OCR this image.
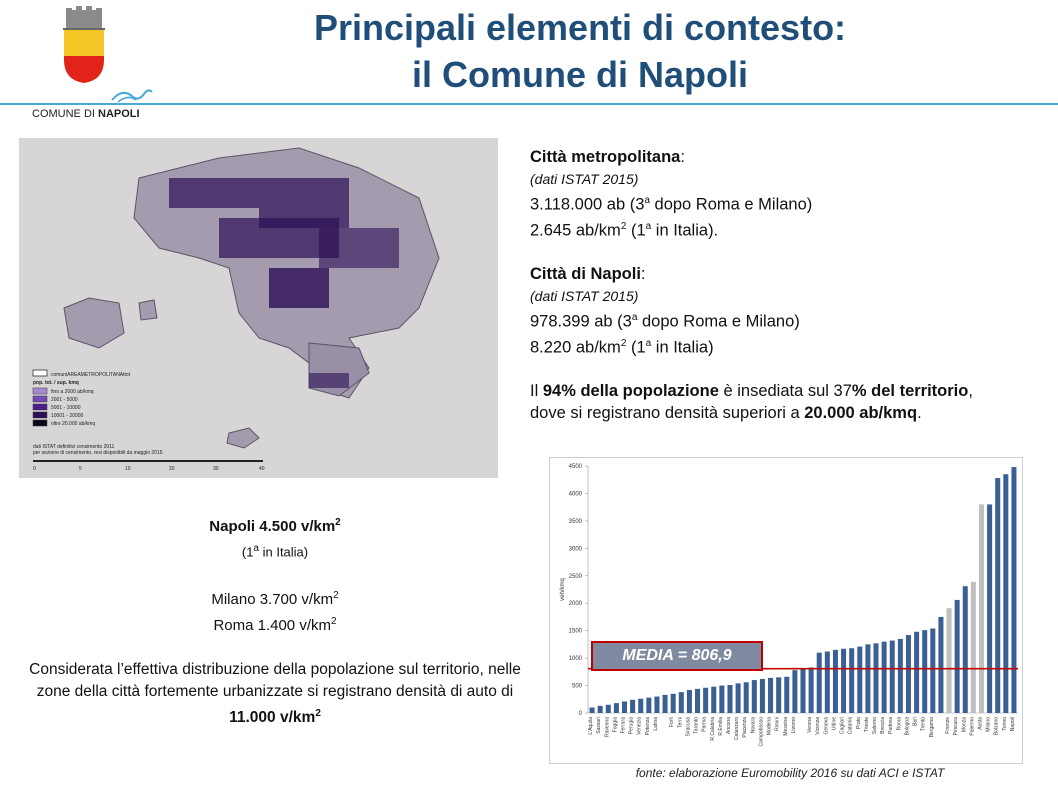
COMUNE DI NAPOLI
Principali elementi di contesto:
il Comune di Napoli
comuniAREAMETROPOLITANAttot
pop. tot. / sup. kmq
fino a 2000 ab/kmq
2001 - 5000
5001 - 10000
10001 - 20000
oltre 20.000 ab/kmq
dati ISTAT definitivi censimento 2011
per sezione di censimento, resi disponibili da maggio 2015
0	5	10	20	30	40
Città metropolitana:
(dati ISTAT 2015)
3.118.000 ab (3$^a$ dopo Roma e Milano)
2.645 $ab/km^2$ (1$^a$ in Italia).
Città di Napoli:
(dati ISTAT 2015)
978.399 ab (3$^a$ dopo Roma e Milano)
8.220 $ab/km^2$ (1$^a$ in Italia)
Il 94% della popolazione è insediata sul 37% del territorio,
dove si registrano densità superiori a 20.000 ab/kmq.
Napoli 4.500 $v/km^2$
(1$^a$ in Italia)
Milano 3.700 $v/km^2$
Roma 1.400 $v/km^2$
Considerata l’effettiva distribuzione della popolazione sul territorio, nelle zone della città fortemente urbanizzate si registrano densità di auto di 11.000 $v/km^2$	0
500
1000
1500
2000
2500
3000
3500
4000
4500
veh/kmq
L'Aquila Sassari Ravenna Foggia Ferrara Perugia Venezia Potenza Latina Forlì Terni Siracusa Taranto Parma R.Calabria R.Emilia Ancona Catanzaro Piacenza Novara Campobasso Modena Rimini Messina Livorno Verona Vicenza Genova Udine Cagliari Catania Prato Trieste Salerno Brescia Padova Roma Bologna Bari Trento Bergamo Firenze Pescara Monza Palermo Aosta Milano Bolzano Torino Napoli
MEDIA = 806,9
fonte: elaborazione Euromobility 2016 su dati ACI e ISTAT
